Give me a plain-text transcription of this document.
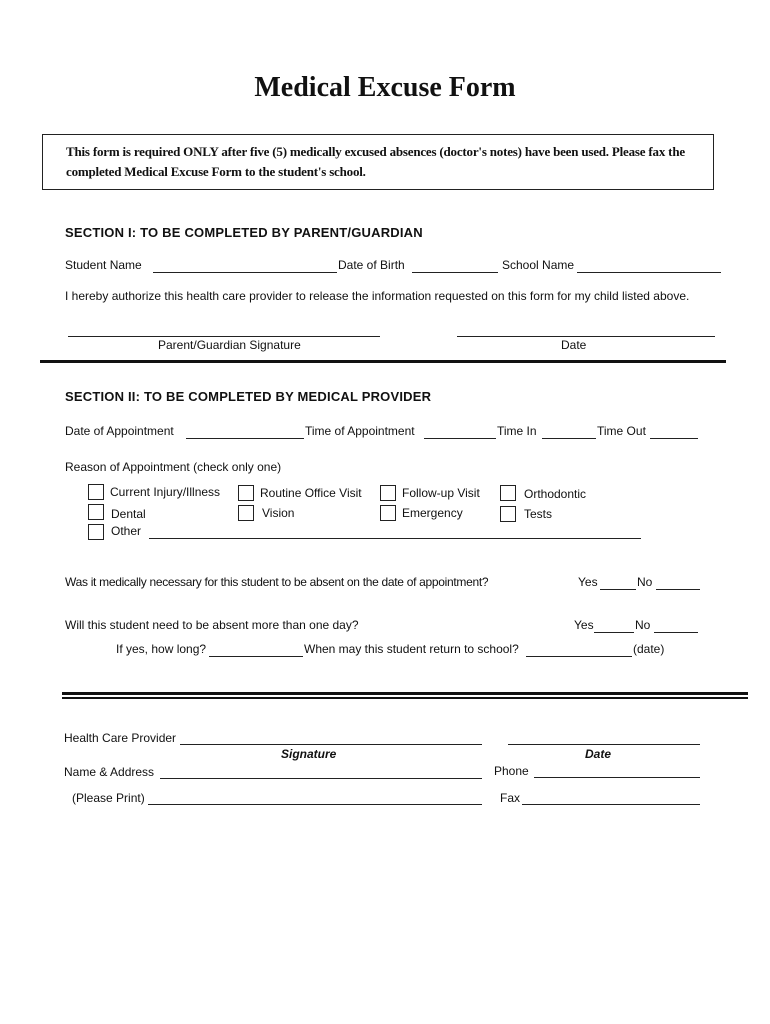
Medical Excuse Form
This form is required ONLY after five (5) medically excused absences (doctor's notes) have been used. Please fax the completed Medical Excuse Form to the student's school.
SECTION I: TO BE COMPLETED BY PARENT/GUARDIAN
Student Name	Date of Birth	School Name
I hereby authorize this health care provider to release the information requested on this form for my child listed above.
Parent/Guardian Signature	Date
SECTION II: TO BE COMPLETED BY MEDICAL PROVIDER
Date of Appointment	Time of Appointment	Time In	Time Out
Reason of Appointment (check only one)
Current Injury/Illness
Dental
Other
Routine Office Visit
Vision
Follow-up Visit
Emergency
Orthodontic
Tests
Was it medically necessary for this student to be absent on the date of appointment?	Yes	No
Will this student need to be absent more than one day?	Yes	No
If yes, how long?	When may this student return to school?	(date)
Health Care Provider
Signature	Date
Name & Address	Phone
(Please Print)	Fax
